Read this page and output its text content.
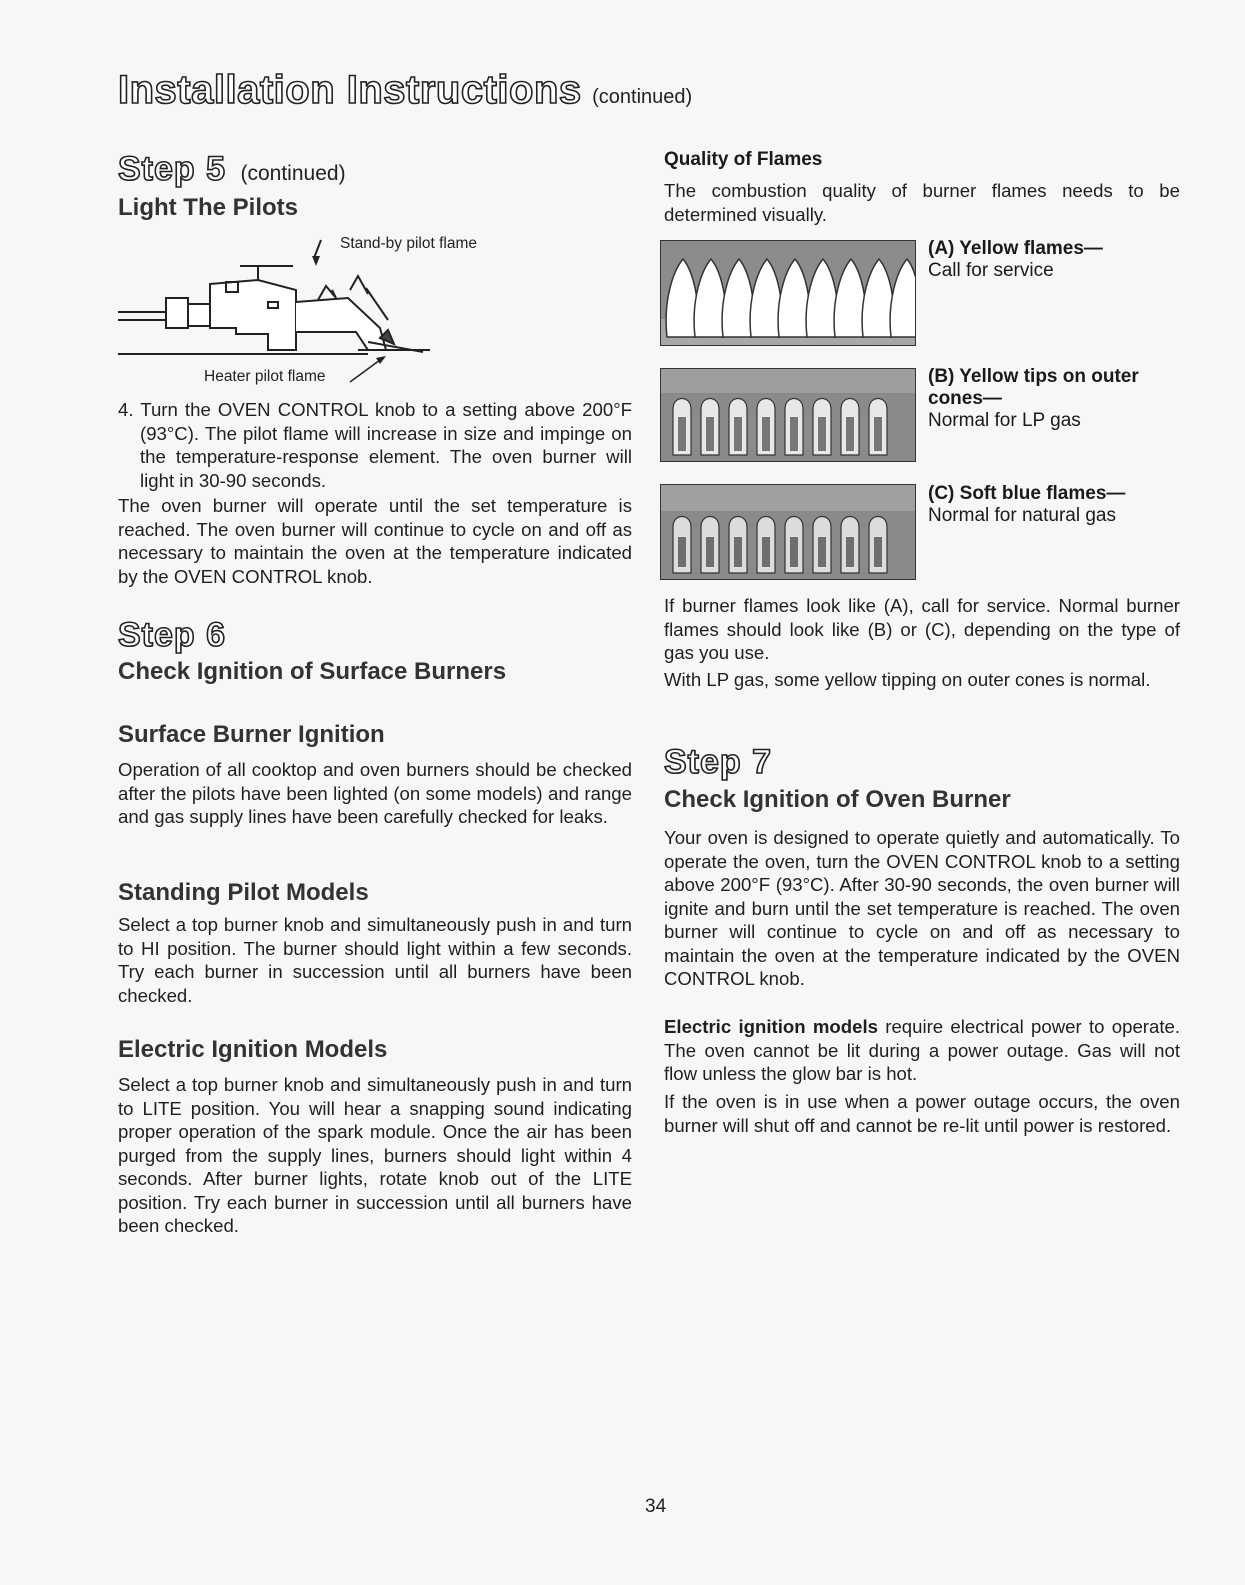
Installation Instructions (continued)
Step 5 (continued)
Light The Pilots
Stand-by pilot flame
Heater pilot flame
4. Turn the OVEN CONTROL knob to a setting above 200°F (93°C). The pilot flame will increase in size and impinge on the temperature-response element. The oven burner will light in 30-90 seconds.
The oven burner will operate until the set temperature is reached. The oven burner will continue to cycle on and off as necessary to maintain the oven at the temperature indicated by the OVEN CONTROL knob.
Step 6
Check Ignition of Surface Burners
Surface Burner Ignition
Operation of all cooktop and oven burners should be checked after the pilots have been lighted (on some models) and range and gas supply lines have been carefully checked for leaks.
Standing Pilot Models
Select a top burner knob and simultaneously push in and turn to HI position. The burner should light within a few seconds. Try each burner in succession until all burners have been checked.
Electric Ignition Models
Select a top burner knob and simultaneously push in and turn to LITE position. You will hear a snapping sound indicating proper operation of the spark module. Once the air has been purged from the supply lines, burners should light within 4 seconds. After burner lights, rotate knob out of the LITE position. Try each burner in succession until all burners have been checked.
Quality of Flames
The combustion quality of burner flames needs to be determined visually.
(A) Yellow flames—
Call for service
(B) Yellow tips on outer cones—
Normal for LP gas
(C) Soft blue flames—
Normal for natural gas
If burner flames look like (A), call for service. Normal burner flames should look like (B) or (C), depending on the type of gas you use.
With LP gas, some yellow tipping on outer cones is normal.
Step 7
Check Ignition of Oven Burner
Your oven is designed to operate quietly and automatically. To operate the oven, turn the OVEN CONTROL knob to a setting above 200°F (93°C). After 30-90 seconds, the oven burner will ignite and burn until the set temperature is reached. The oven burner will continue to cycle on and off as necessary to maintain the oven at the temperature indicated by the OVEN CONTROL knob.
Electric ignition models require electrical power to operate. The oven cannot be lit during a power outage. Gas will not flow unless the glow bar is hot.
If the oven is in use when a power outage occurs, the oven burner will shut off and cannot be re-lit until power is restored.
34
